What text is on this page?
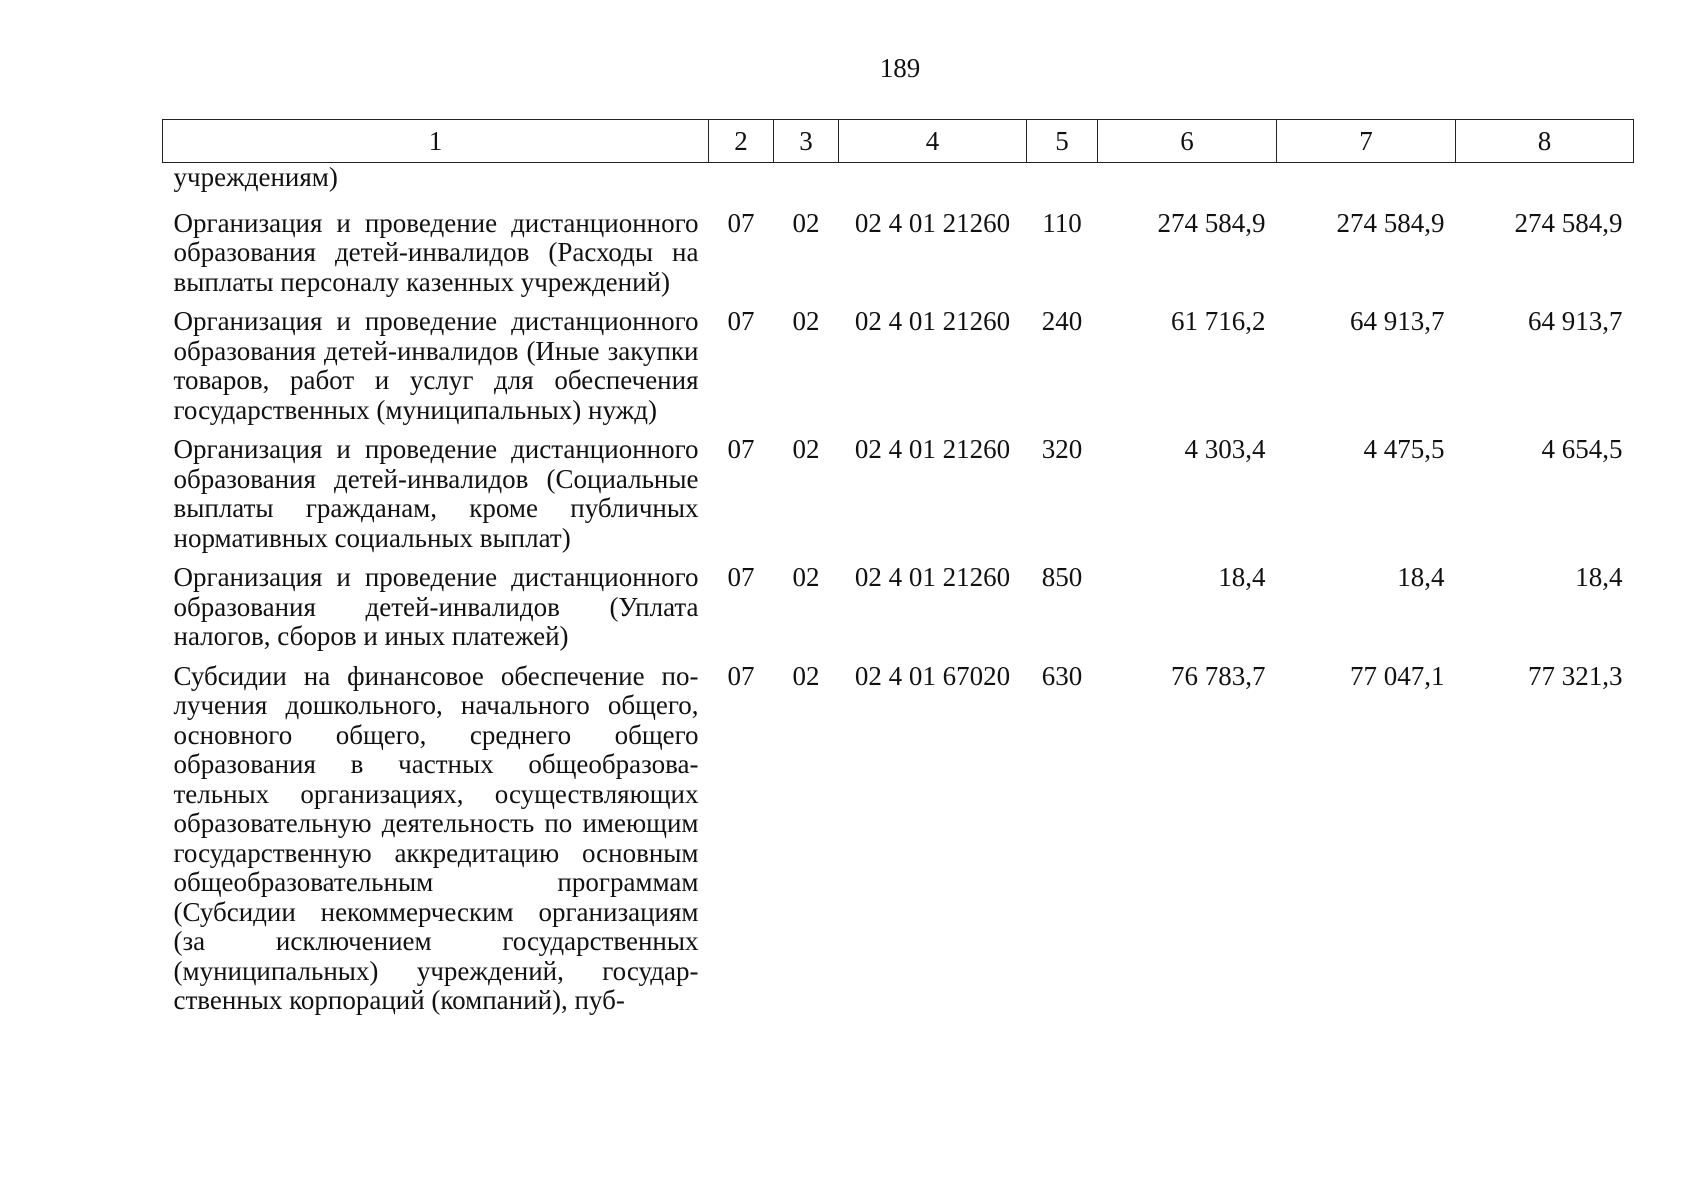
189
1	2	3	4	5	6	7	8
учреждениям)							
Организация и проведение дистанционного образования детей-инвалидов (Расходы на выплаты персоналу казенных учреждений)	07	02	02 4 01 21260	110	274 584,9	274 584,9	274 584,9
Организация и проведение дистанционного образования детей-инвалидов (Иные закупки товаров, работ и услуг для обеспечения государственных (муниципальных) нужд)	07	02	02 4 01 21260	240	61 716,2	64 913,7	64 913,7
Организация и проведение дистанционного образования детей-инвалидов (Социальные выплаты гражданам, кроме публичных нормативных социальных выплат)	07	02	02 4 01 21260	320	4 303,4	4 475,5	4 654,5
Организация и проведение дистанционного образования детей-инвалидов (Уплата налогов, сборов и иных платежей)	07	02	02 4 01 21260	850	18,4	18,4	18,4
Субсидии на финансовое обеспечение получения дошкольного, начального общего, основного общего, среднего общего образования в частных общеобразовательных организациях, осуществляющих образовательную деятельность по имеющим государственную аккредитацию основным общеобразовательным программам (Субсидии некоммерческим организациям (за исключением государственных (муниципальных) учреждений, государственных корпораций (компаний), пуб-	07	02	02 4 01 67020	630	76 783,7	77 047,1	77 321,3
